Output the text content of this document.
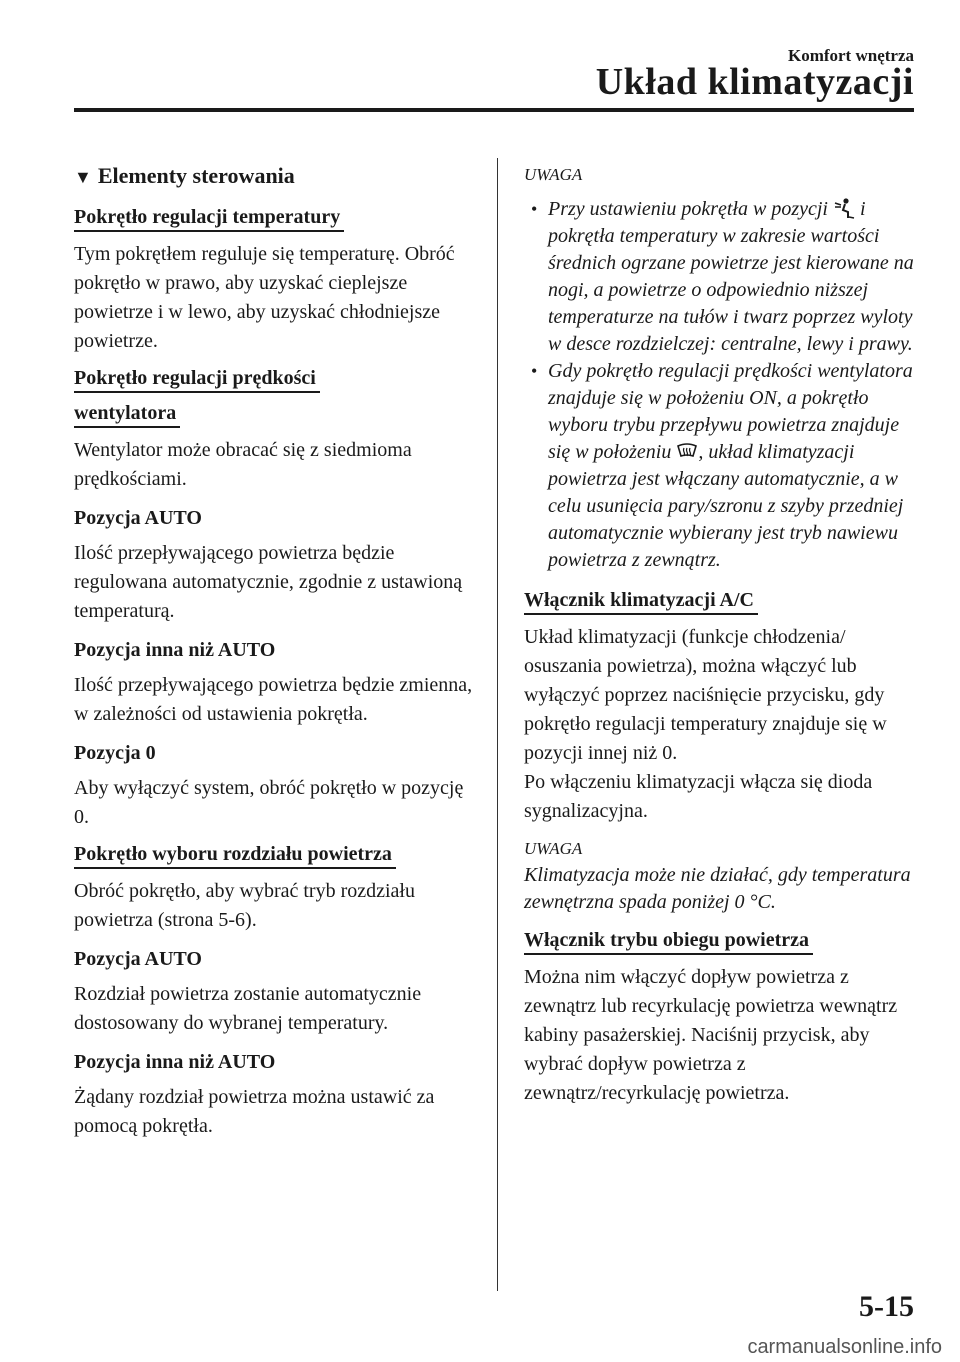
Komfort wnętrza
Układ klimatyzacji
▼ Elementy sterowania
Pokrętło regulacji temperatury

Tym pokrętłem reguluje się temperaturę. Obróć pokrętło w prawo, aby uzyskać cieplejsze powietrze i w lewo, aby uzyskać chłodniejsze powietrze.

Pokrętło regulacji prędkości
wentylatora

Wentylator może obracać się z siedmioma prędkościami.

Pozycja AUTO

Ilość przepływającego powietrza będzie regulowana automatycznie, zgodnie z ustawioną temperaturą.

Pozycja inna niż AUTO

Ilość przepływającego powietrza będzie zmienna, w zależności od ustawienia pokrętła.

Pozycja 0

Aby wyłączyć system, obróć pokrętło w pozycję 0.

Pokrętło wyboru rozdziału powietrza

Obróć pokrętło, aby wybrać tryb rozdziału powietrza (strona 5-6).

Pozycja AUTO

Rozdział powietrza zostanie automatycznie dostosowany do wybranej temperatury.

Pozycja inna niż AUTO

Żądany rozdział powietrza można ustawić za pomocą pokrętła.

UWAGA

• Przy ustawieniu pokrętła w pozycji i pokrętła temperatury w zakresie wartości średnich ogrzane powietrze jest kierowane na nogi, a powietrze o odpowiednio niższej temperaturze na tułów i twarz poprzez wyloty w desce rozdzielczej: centralne, lewy i prawy.

• Gdy pokrętło regulacji prędkości wentylatora znajduje się w położeniu ON, a pokrętło wyboru trybu przepływu powietrza znajduje się w położeniu , układ klimatyzacji powietrza jest włączany automatycznie, a w celu usunięcia pary/szronu z szyby przedniej automatycznie wybierany jest tryb nawiewu powietrza z zewnątrz.

Włącznik klimatyzacji A/C

Układ klimatyzacji (funkcje chłodzenia/ osuszania powietrza), można włączyć lub wyłączyć poprzez naciśnięcie przycisku, gdy pokrętło regulacji temperatury znajduje się w pozycji innej niż 0.

Po włączeniu klimatyzacji włącza się dioda sygnalizacyjna.

UWAGA

Klimatyzacja może nie działać, gdy temperatura zewnętrzna spada poniżej 0 °C.

Włącznik trybu obiegu powietrza

Można nim włączyć dopływ powietrza z zewnątrz lub recyrkulację powietrza wewnątrz kabiny pasażerskiej. Naciśnij przycisk, aby wybrać dopływ powietrza z zewnątrz/recyrkulację powietrza.

5-15
carmanualsonline.info
